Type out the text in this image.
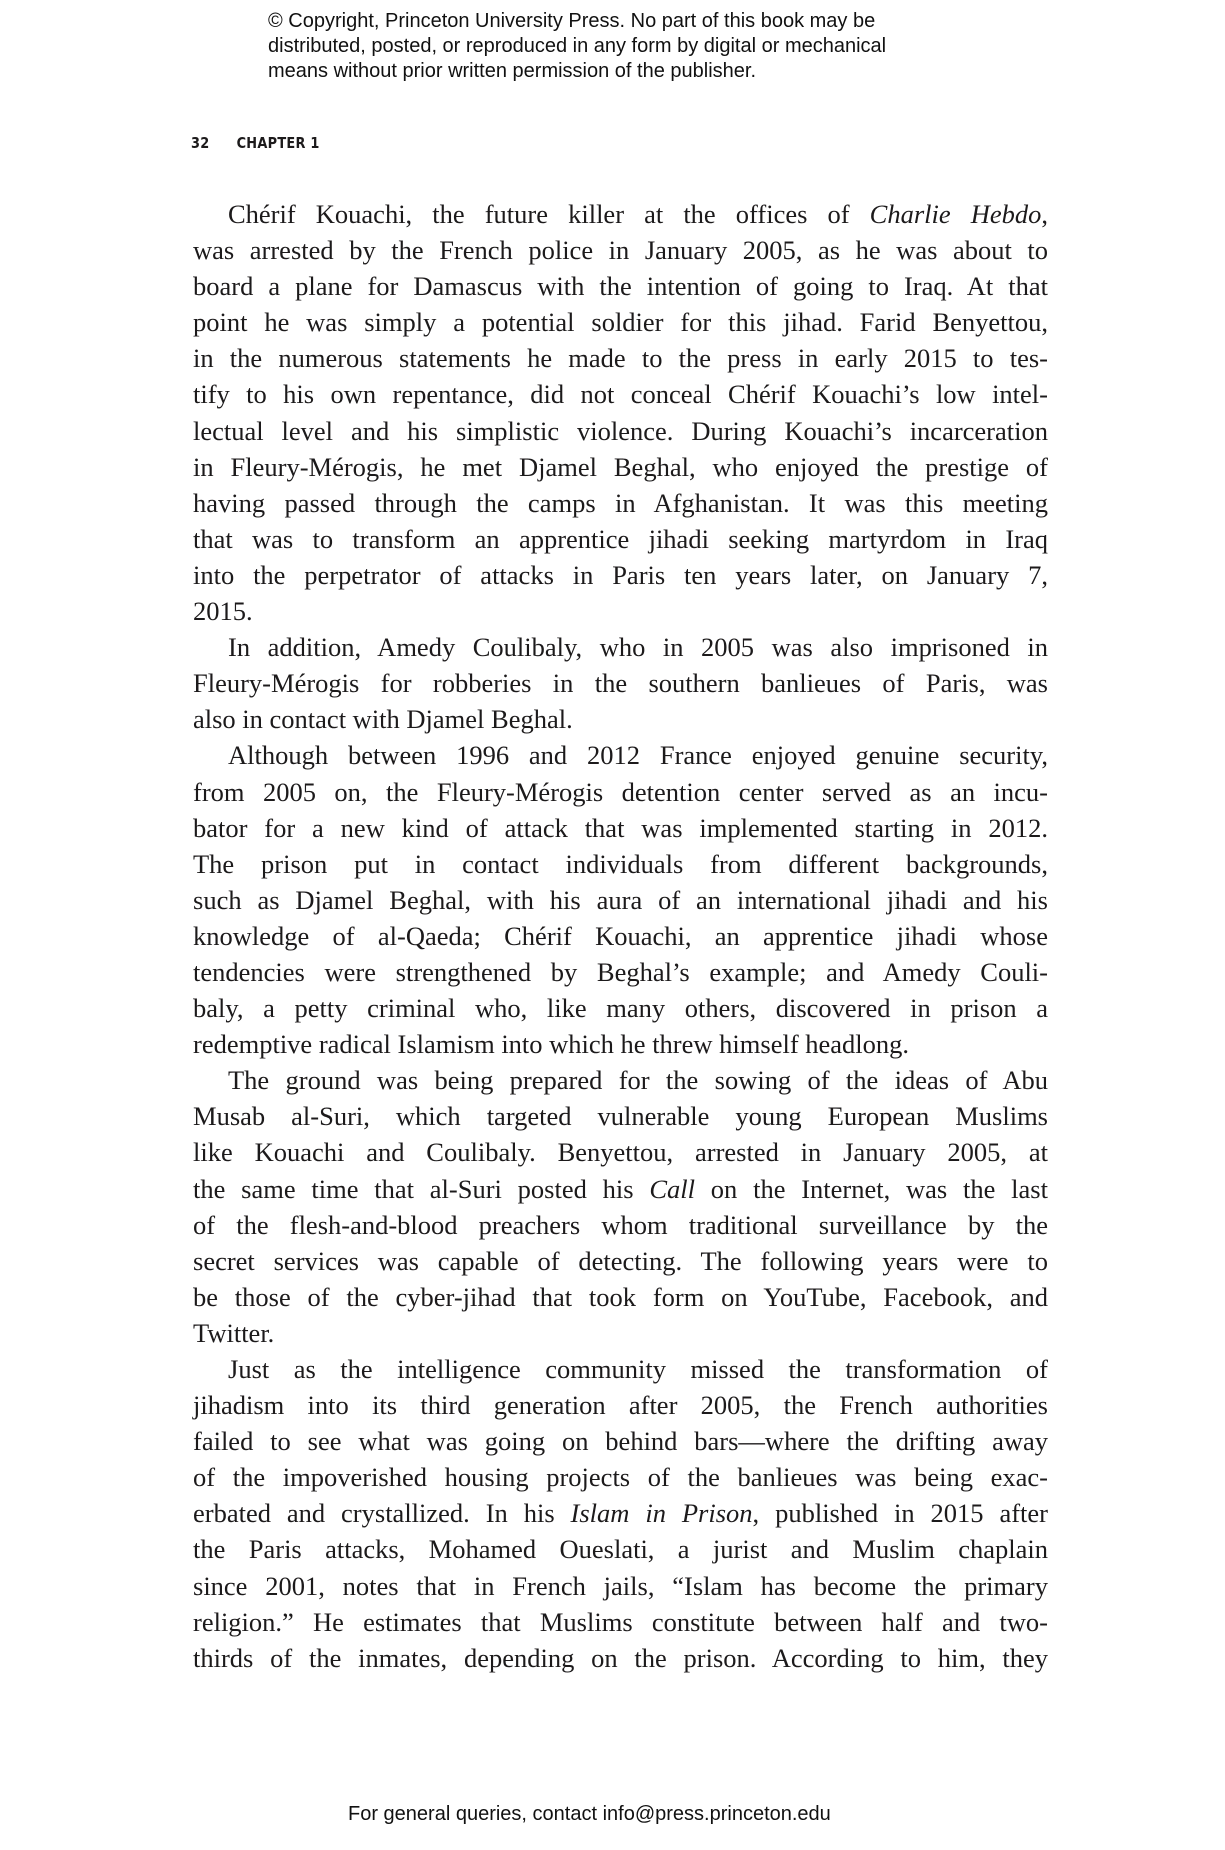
© Copyright, Princeton University Press. No part of this book may be
distributed, posted, or reproduced in any form by digital or mechanical
means without prior written permission of the publisher.
32 CHAPTER 1
Chérif Kouachi, the future killer at the offices of Charlie Hebdo,
was arrested by the French police in January 2005, as he was about to
board a plane for Damascus with the intention of going to Iraq. At that
point he was simply a potential soldier for this jihad. Farid Benyettou,
in the numerous statements he made to the press in early 2015 to tes-
tify to his own repentance, did not conceal Chérif Kouachi’s low intel-
lectual level and his simplistic violence. During Kouachi’s incarceration
in Fleury-Mérogis, he met Djamel Beghal, who enjoyed the prestige of
having passed through the camps in Afghanistan. It was this meeting
that was to transform an apprentice jihadi seeking martyrdom in Iraq
into the perpetrator of attacks in Paris ten years later, on January 7,
2015.
In addition, Amedy Coulibaly, who in 2005 was also imprisoned in
Fleury-Mérogis for robberies in the southern banlieues of Paris, was
also in contact with Djamel Beghal.
Although between 1996 and 2012 France enjoyed genuine security,
from 2005 on, the Fleury-Mérogis detention center served as an incu-
bator for a new kind of attack that was implemented starting in 2012.
The prison put in contact individuals from different backgrounds,
such as Djamel Beghal, with his aura of an international jihadi and his
knowledge of al-Qaeda; Chérif Kouachi, an apprentice jihadi whose
tendencies were strengthened by Beghal’s example; and Amedy Couli-
baly, a petty criminal who, like many others, discovered in prison a
redemptive radical Islamism into which he threw himself headlong.
The ground was being prepared for the sowing of the ideas of Abu
Musab al-Suri, which targeted vulnerable young European Muslims
like Kouachi and Coulibaly. Benyettou, arrested in January 2005, at
the same time that al-Suri posted his Call on the Internet, was the last
of the flesh-and-blood preachers whom traditional surveillance by the
secret services was capable of detecting. The following years were to
be those of the cyber-jihad that took form on YouTube, Facebook, and
Twitter.
Just as the intelligence community missed the transformation of
jihadism into its third generation after 2005, the French authorities
failed to see what was going on behind bars—where the drifting away
of the impoverished housing projects of the banlieues was being exac-
erbated and crystallized. In his Islam in Prison, published in 2015 after
the Paris attacks, Mohamed Oueslati, a jurist and Muslim chaplain
since 2001, notes that in French jails, “Islam has become the primary
religion.” He estimates that Muslims constitute between half and two-
thirds of the inmates, depending on the prison. According to him, they
For general queries, contact info@press.princeton.edu
